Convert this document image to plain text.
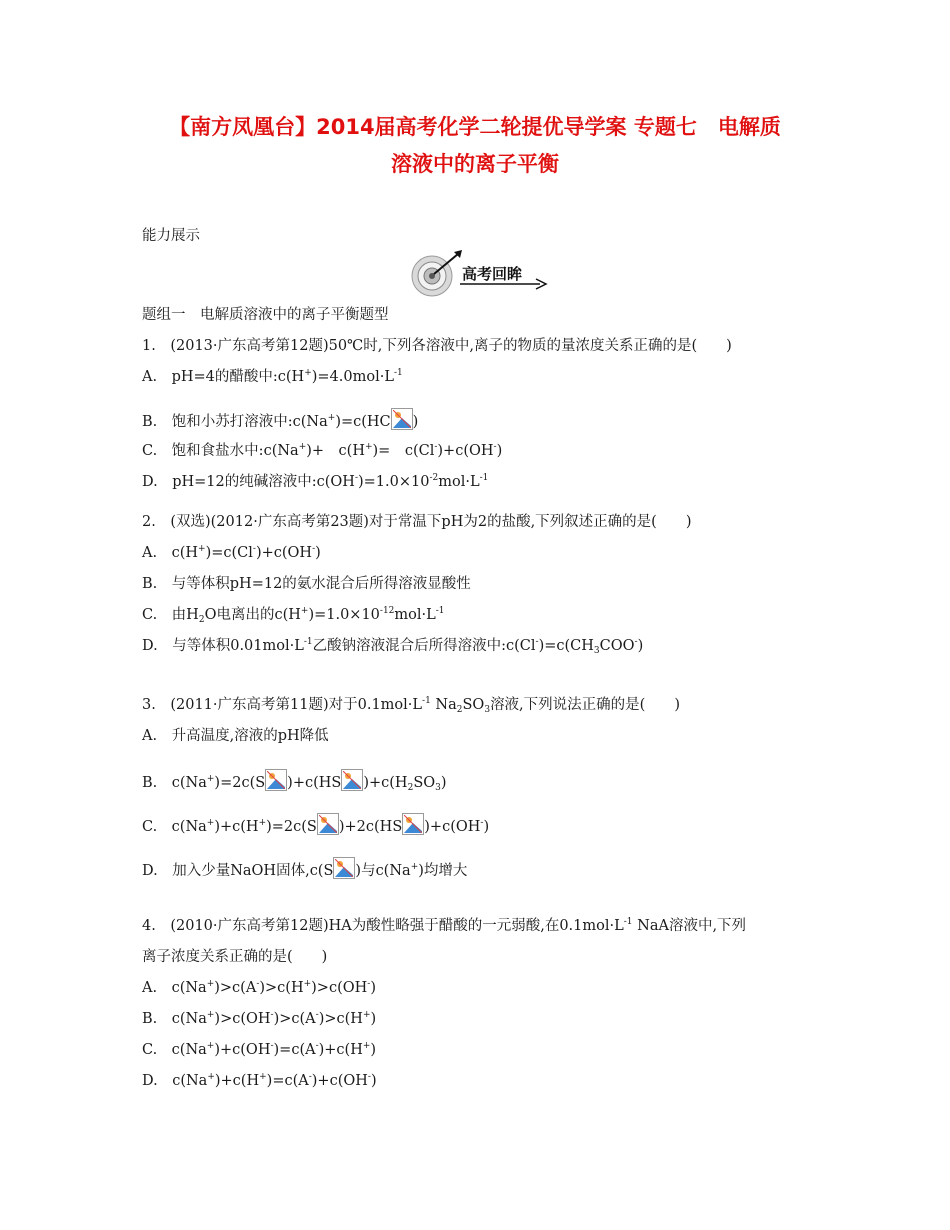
【南方凤凰台】2014届高考化学二轮提优导学案 专题七　电解质
溶液中的离子平衡
能力展示
高考回眸
题组一　电解质溶液中的离子平衡题型
1.　(2013·广东高考第12题)50℃时,下列各溶液中,离子的物质的量浓度关系正确的是(　　)
A.　pH=4的醋酸中$:c(H^+)=4.0mol\cdot L^{-1}$
B.　饱和小苏打溶液中:c(Na+)=c(HC )
C.　饱和食盐水中:c(Na+)+　c(H+)=　c(Cl-)+c(OH-)
D.　pH=12的纯碱溶液中$:c(OH^-)=1.0\times 10^{-2}mol\cdot L^{-1}$
2.　(双选)(2012·广东高考第23题)对于常温下pH为2的盐酸,下列叙述正确的是(　　)
A.　c(H+)=c(Cl-)+c(OH-)
B.　与等体积pH=12的氨水混合后所得溶液显酸性
C.　由$H_2O$电离出的$c(H^+)=1.0\times 10^{-12}mol\cdot L^{-1}$
D.　与等体积$0.01mol\cdot L^{-1}$乙酸钠溶液混合后所得溶液中$:c(Cl^-)=c(CH_3COO^-)$
3.　(2011·广东高考第11题)对于$0.1mol\cdot L^{-1}$ $Na_2SO_3$溶液,下列说法正确的是(　　)
A.　升高温度,溶液的pH降低
B.　c(Na+)=2c(S )+c(HS )$+c(H_2SO_3)$
C.　c(Na+)+c(H+)=2c(S )+2c(HS )+c(OH-)
D.　加入少量NaOH固体,c(S )与c(Na+)均增大
4.　(2010·广东高考第12题)HA为酸性略强于醋酸的一元弱酸,在$0.1mol\cdot L^{-1}$ NaA溶液中,下列
离子浓度关系正确的是(　　)
A.　c(Na+)>c(A-)>c(H+)>c(OH-)
B.　c(Na+)>c(OH-)>c(A-)>c(H+)
C.　c(Na+)+c(OH-)=c(A-)+c(H+)
D.　c(Na+)+c(H+)=c(A-)+c(OH-)
